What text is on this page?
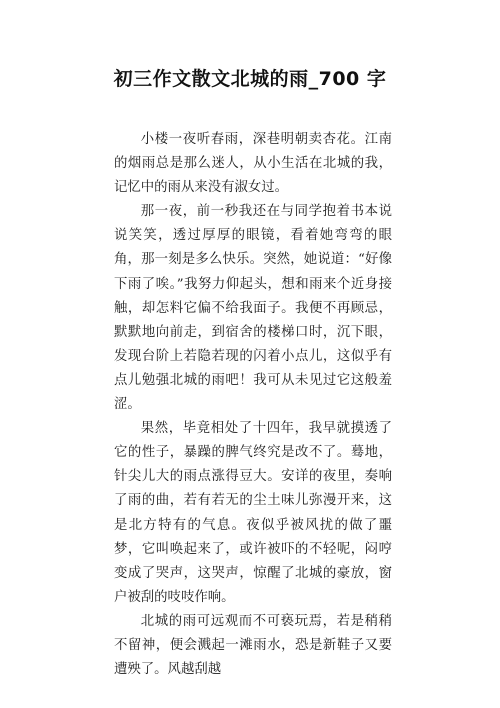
初三作文散文北城的雨_700 字

小楼一夜听春雨，深巷明朝卖杏花。江南的烟雨总是那么迷人，从小生活在北城的我，记忆中的雨从来没有淑女过。

那一夜，前一秒我还在与同学抱着书本说说笑笑，透过厚厚的眼镜，看着她弯弯的眼角，那一刻是多么快乐。突然，她说道：“好像下雨了唉。”我努力仰起头，想和雨来个近身接触，却怎料它偏不给我面子。我便不再顾忌，默默地向前走，到宿舍的楼梯口时，沉下眼，发现台阶上若隐若现的闪着小点儿，这似乎有点儿勉强北城的雨吧！我可从未见过它这般羞涩。

果然，毕竟相处了十四年，我早就摸透了它的性子，暴躁的脾气终究是改不了。蓦地，针尖儿大的雨点涨得豆大。安详的夜里，奏响了雨的曲，若有若无的尘土味儿弥漫开来，这是北方特有的气息。夜似乎被风扰的做了噩梦，它叫唤起来了，或许被吓的不轻呢，闷哼变成了哭声，这哭声，惊醒了北城的豪放，窗户被刮的吱吱作响。

北城的雨可远观而不可亵玩焉，若是稍稍不留神，便会溅起一滩雨水，恐是新鞋子又要遭殃了。风越刮越
